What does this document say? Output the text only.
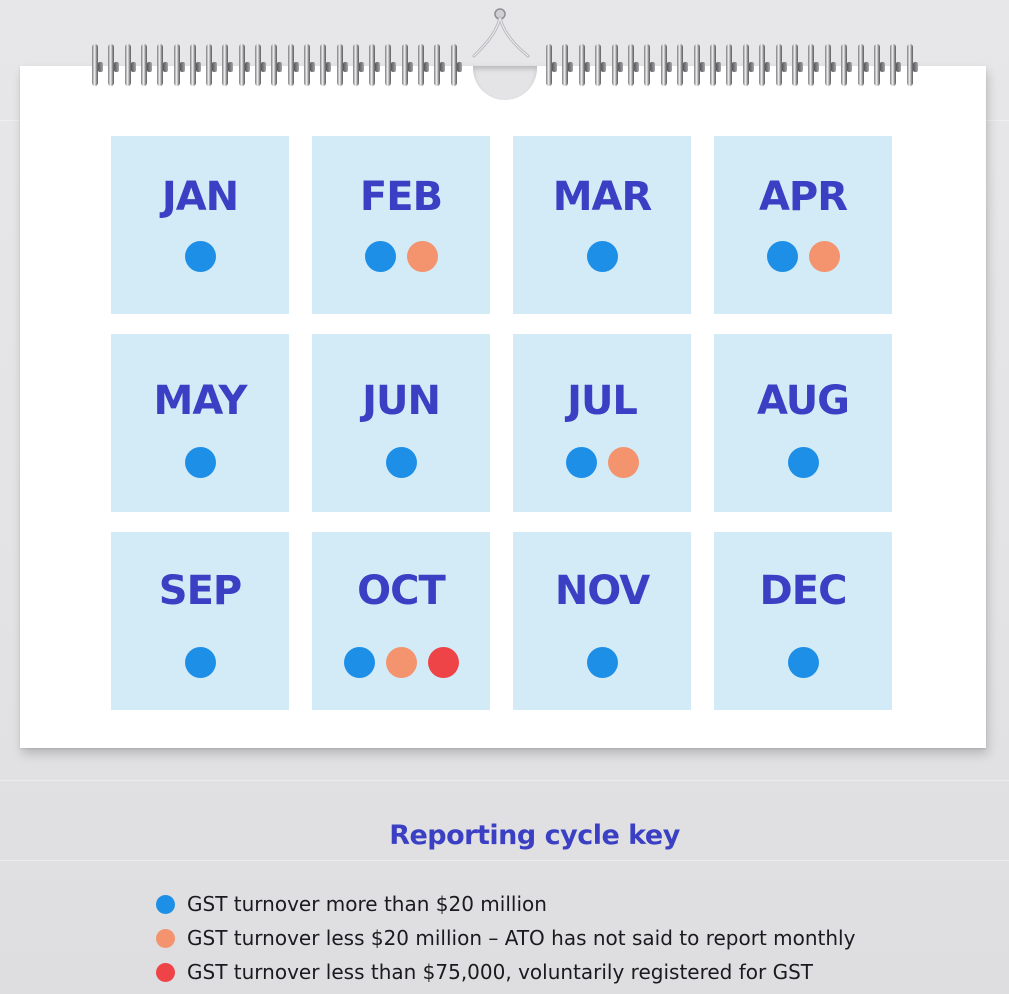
JAN	FEB	MAR	APR
MAY	JUN	JUL	AUG
SEP	OCT	NOV	DEC
Reporting cycle key
GST turnover more than $20 million
GST turnover less $20 million – ATO has not said to report monthly
GST turnover less than $75,000, voluntarily registered for GST
